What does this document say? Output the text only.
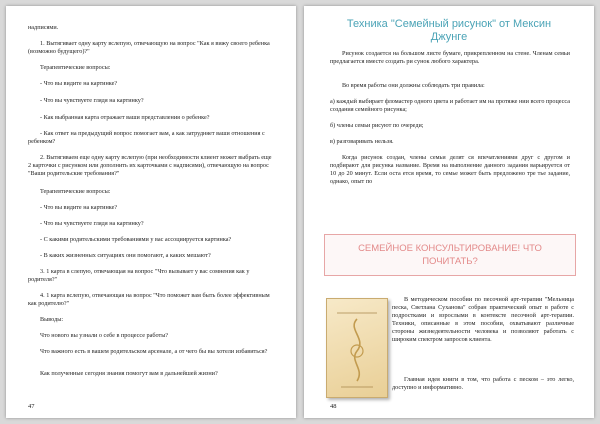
надписями.

1. Вытягивает одну карту вслепую, отвечающую на вопрос "Как я вижу своего ребенка (возможно будущего)?"

Терапевтические вопросы:

- Что вы видите на картинке?

- Что вы чувствуете глядя на картинку?

- Как выбранная карта отражает ваши представления о ребенке?

- Как ответ на предыдущий вопрос помогает вам, а как затрудняет ваши отношения с ребенком?

2. Вытягиваем еще одну карту вслепую (при необходимости клиент может выбрать еще 2 карточки с рисунком или дополнить их карточками с надписями), отвечающую на вопрос "Ваши родительские требования?"

Терапевтические вопросы:

- Что вы видите на картинке?

- Что вы чувствуете глядя на картинку?

- С какими родительскими требованиями у вас ассоциируется картинка?

- В каких жизненных ситуациях они помогают, а каких мешают?

3. 1 карта в слепую, отвечающая на вопрос "Что вызывает у вас сомнения как у родителя?"

4. 1 карта вслепую, отвечающая на вопрос "Что поможет вам быть более эффективным как родителю?"

Выводы:

Что нового вы узнали о себе в процессе работы?

Что важного есть в вашем родительском арсенале, а от чего бы вы хотели избавиться?

Как полученные сегодня знания помогут вам в дальнейшей жизни?

47
Техника "Семейный рисунок" от Мексин Джунге

Рисунок создается на большом листе бумаге, прикрепленном на стене. Членам семьи предлагается вместе создать ри сунок любого характера.

Во время работы они должны соблюдать три правила:

а) каждый выбирает фломастер одного цвета и работает им на протяже нии всего процесса создания семейного рисунка;

б) члены семьи рисуют по очереди;

в) разговаривать нельзя.

Когда рисунок создан, члены семьи делят ся впечатлениями друг с другом и подбирают для рисунка название. Время на выполнение данного задания варьируется от 10 до 20 минут. Если оста ется время, то семье может быть предложено тре тье задание, однако, опыт по

СЕМЕЙНОЕ КОНСУЛЬТИРОВАНИЕ! ЧТО ПОЧИТАТЬ?

В методическом пособии по песочной арт-терапии "Мельница песка, Светлана Суханова" собран практический опыт в работе с подростками и взрослыми в контексте песочной арт-терапии. Техники, описанные в этом пособии, охватывают различные стороны жизнедеятельности человека и позволяют работать с широким спектром запросов клиента.

Главная идея книги в том, что работа с песком – это легко, доступно и информативно.

48
